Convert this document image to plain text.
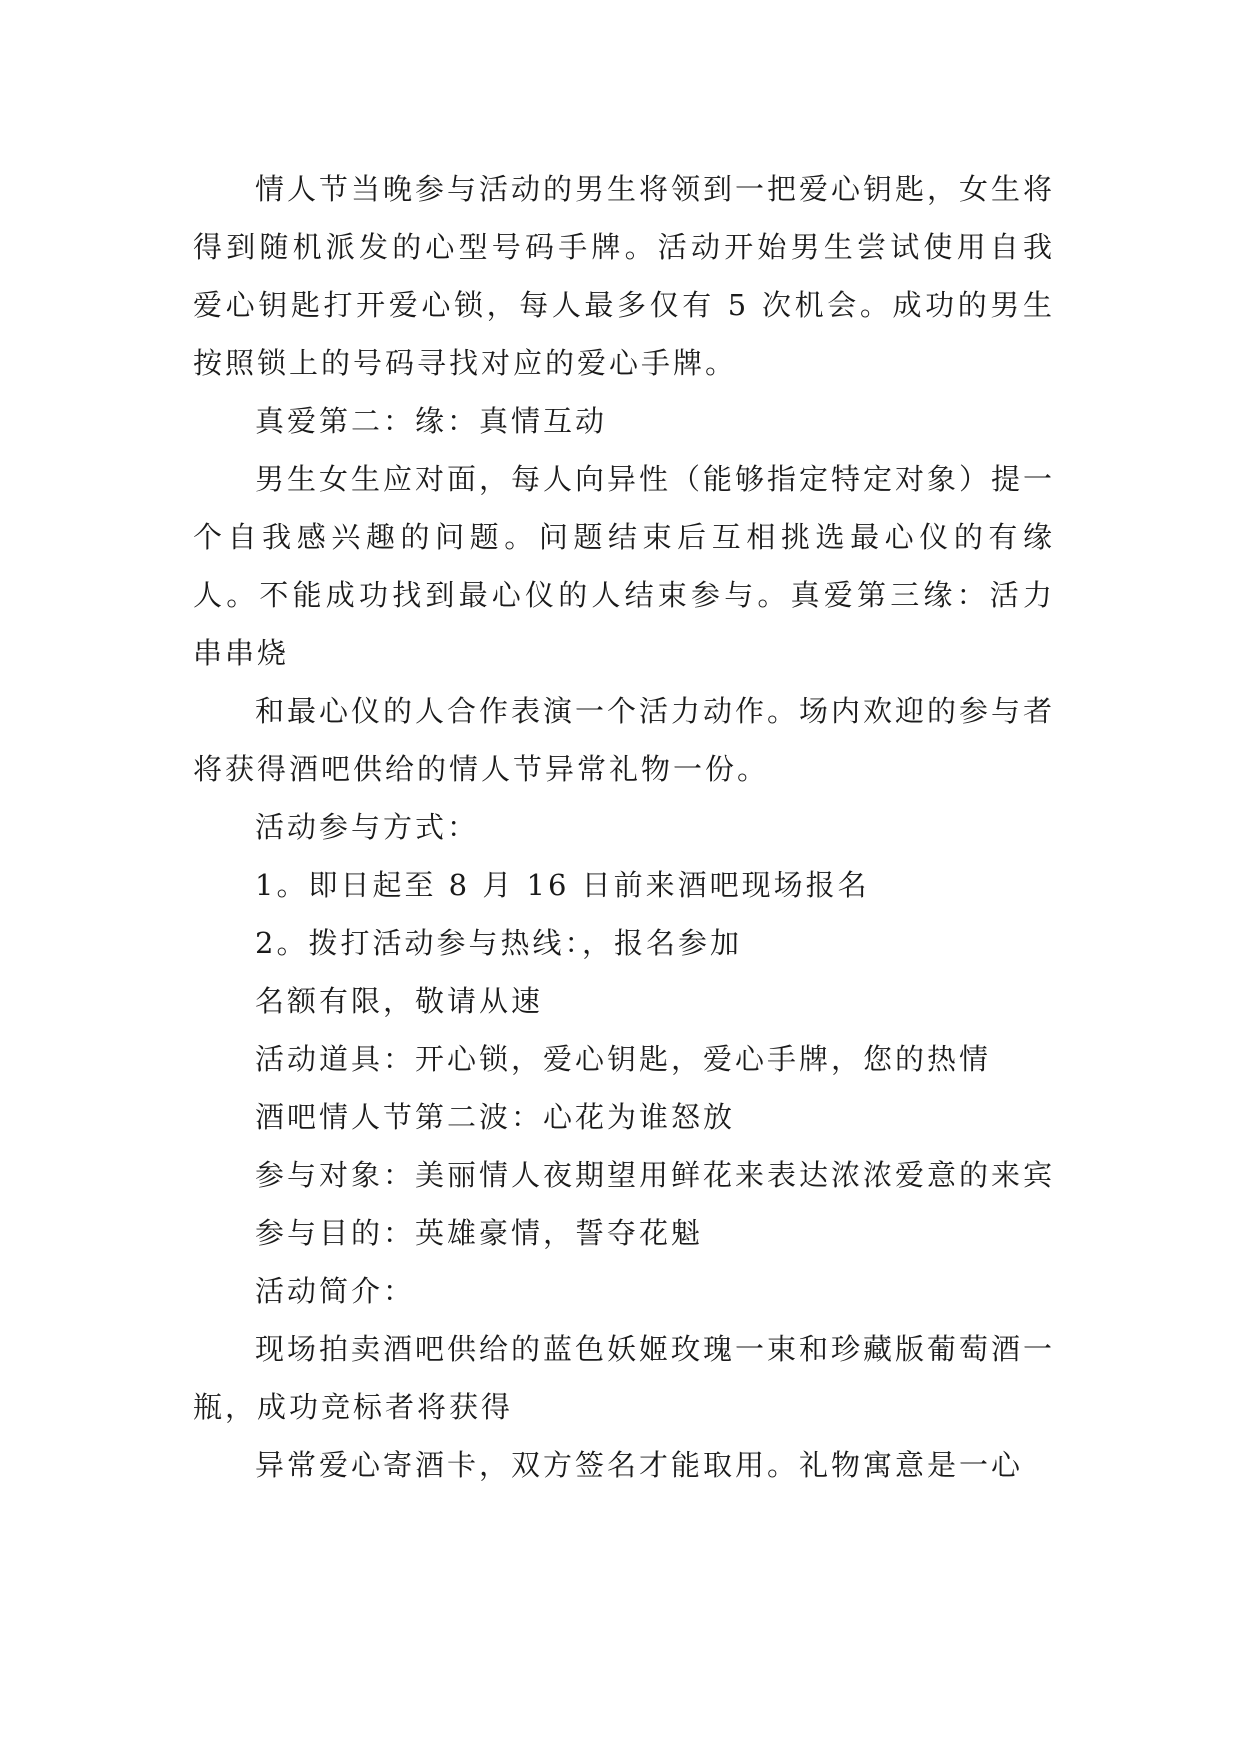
情人节当晚参与活动的男生将领到一把爱心钥匙，女生将得到随机派发的心型号码手牌。活动开始男生尝试使用自我爱心钥匙打开爱心锁，每人最多仅有 5 次机会。成功的男生按照锁上的号码寻找对应的爱心手牌。

真爱第二：缘：真情互动

男生女生应对面，每人向异性（能够指定特定对象）提一个自我感兴趣的问题。问题结束后互相挑选最心仪的有缘人。不能成功找到最心仪的人结束参与。真爱第三缘：活力串串烧

和最心仪的人合作表演一个活力动作。场内欢迎的参与者将获得酒吧供给的情人节异常礼物一份。

活动参与方式：

1。即日起至 8 月 16 日前来酒吧现场报名

2。拨打活动参与热线：，报名参加

名额有限，敬请从速

活动道具：开心锁，爱心钥匙，爱心手牌，您的热情

酒吧情人节第二波：心花为谁怒放

参与对象：美丽情人夜期望用鲜花来表达浓浓爱意的来宾

参与目的：英雄豪情，誓夺花魁

活动简介：

现场拍卖酒吧供给的蓝色妖姬玫瑰一束和珍藏版葡萄酒一瓶，成功竞标者将获得

异常爱心寄酒卡，双方签名才能取用。礼物寓意是一心
